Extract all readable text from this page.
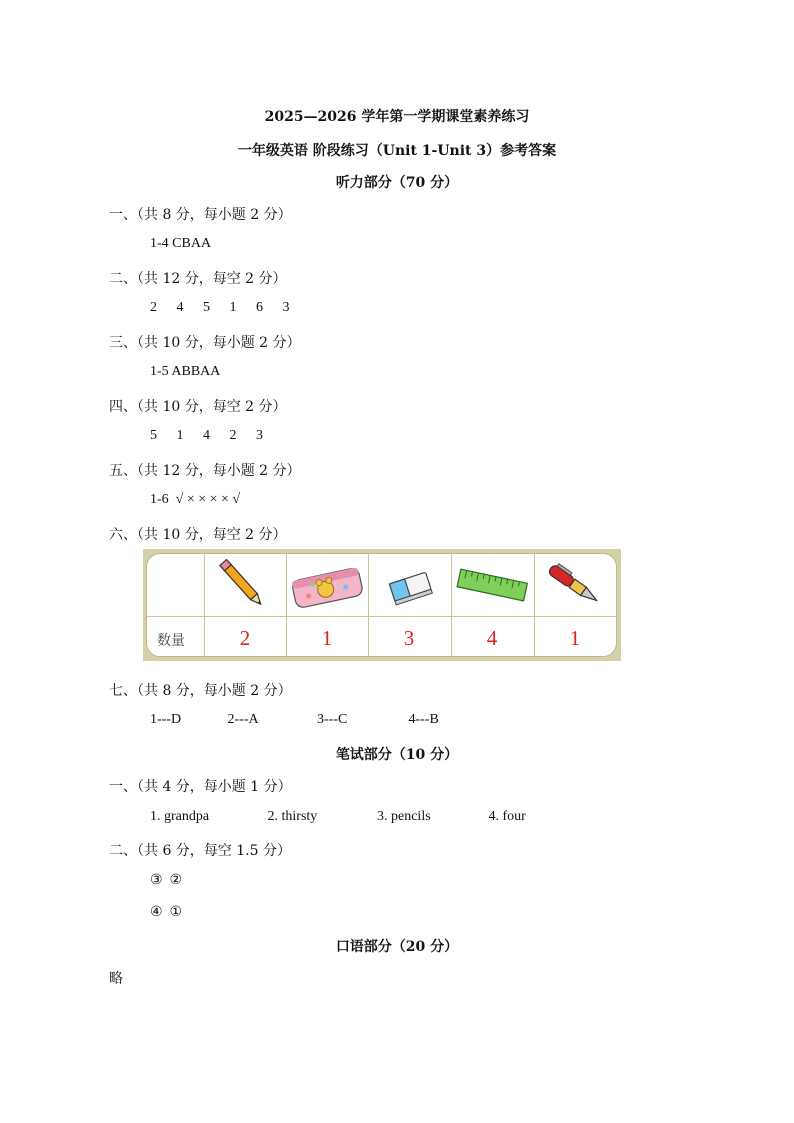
2025—2026 学年第一学期课堂素养练习
一年级英语 阶段练习（Unit 1-Unit 3）参考答案
听力部分（70 分）
一、（共 8 分，每小题 2 分）
1-4 CBAA
二、（共 12 分，每空 2 分）
2 4 5 1 6 3
三、（共 10 分，每小题 2 分）
1-5 ABBAA
四、（共 10 分，每空 2 分）
5 1 4 2 3
五、（共 12 分，每小题 2 分）
1-6  √ × × × × √
六、（共 10 分，每空 2 分）
数量	2	1	3	4	1
七、（共 8 分，每小题 2 分）
1---D	2---A	3---C	4---B
笔试部分（10 分）
一、（共 4 分，每小题 1 分）
1. grandpa	2. thirsty	3. pencils	4. four
二、（共 6 分，每空 1.5 分）
③  ②
④  ①
口语部分（20 分）
略
